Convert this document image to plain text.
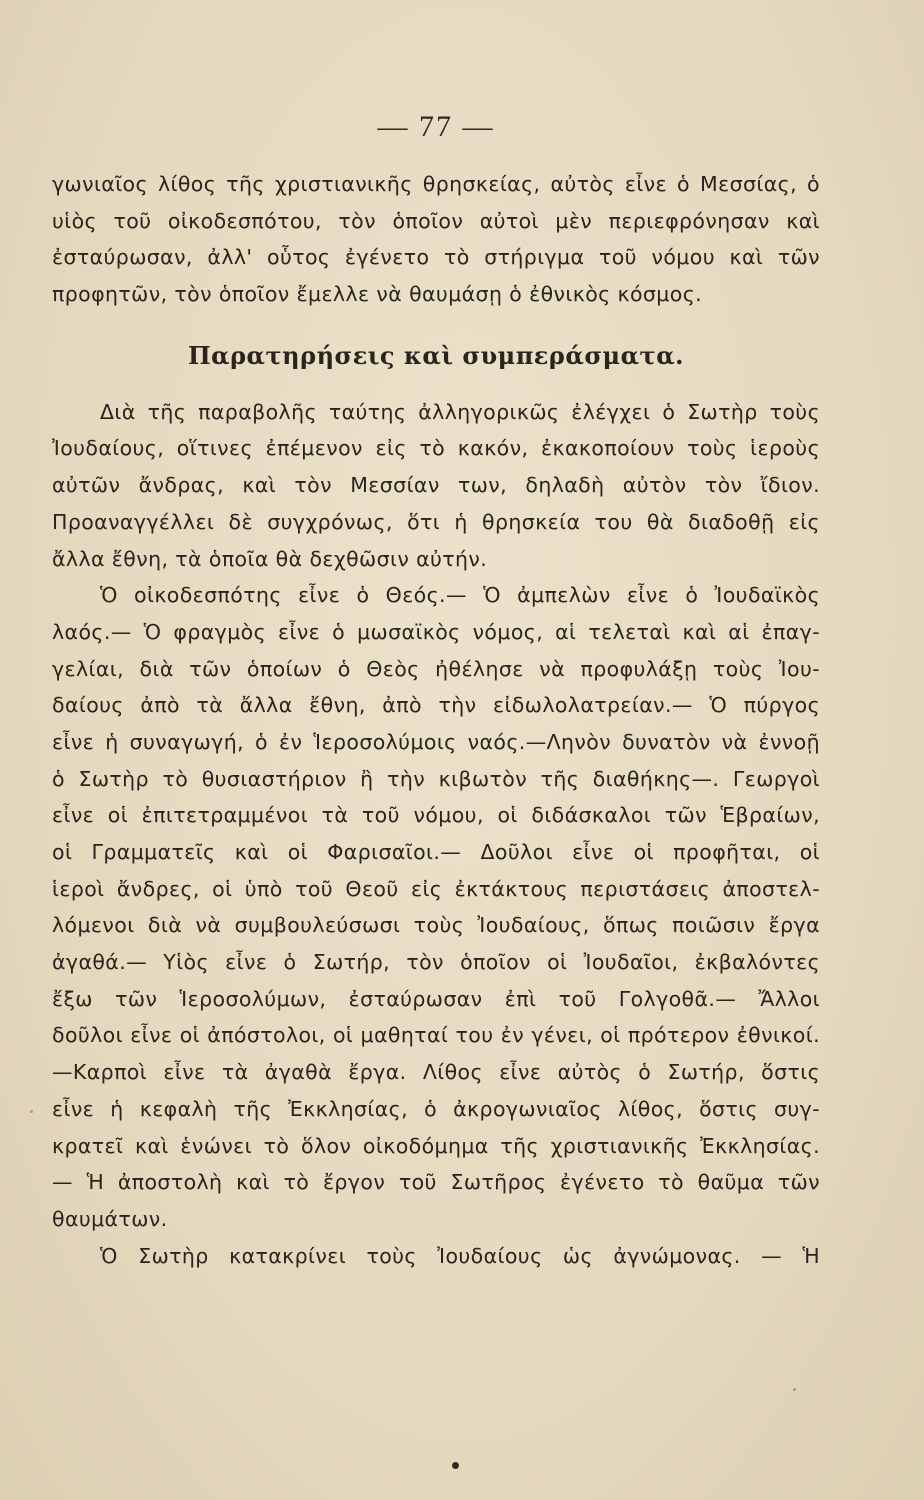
— 77 —
γωνιαῖος λίθος τῆς χριστιανικῆς θρησκείας, αὐτὸς εἶνε ὁ Μεσσίας, ὁ
υἱὸς τοῦ οἰκοδεσπότου, τὸν ὁποῖον αὐτοὶ μὲν περιεφρόνησαν καὶ
ἐσταύρωσαν, ἀλλ' οὗτος ἐγένετο τὸ στήριγμα τοῦ νόμου καὶ τῶν
προφητῶν, τὸν ὁποῖον ἔμελλε νὰ θαυμάσῃ ὁ ἐθνικὸς κόσμος.
Παρατηρήσεις καὶ συμπεράσματα.
Διὰ τῆς παραβολῆς ταύτης ἀλληγορικῶς ἐλέγχει ὁ Σωτὴρ τοὺς
Ἰουδαίους, οἵτινες ἐπέμενον εἰς τὸ κακόν, ἐκακοποίουν τοὺς ἱεροὺς
αὐτῶν ἄνδρας, καὶ τὸν Μεσσίαν των, δηλαδὴ αὐτὸν τὸν ἴδιον.
Προαναγγέλλει δὲ συγχρόνως, ὅτι ἡ θρησκεία του θὰ διαδοθῇ εἰς
ἄλλα ἔθνη, τὰ ὁποῖα θὰ δεχθῶσιν αὐτήν.
Ὁ οἰκοδεσπότης εἶνε ὁ Θεός.— Ὁ ἀμπελὼν εἶνε ὁ Ἰουδαϊκὸς
λαός.— Ὁ φραγμὸς εἶνε ὁ μωσαϊκὸς νόμος, αἱ τελεταὶ καὶ αἱ ἐπαγ-
γελίαι, διὰ τῶν ὁποίων ὁ Θεὸς ἠθέλησε νὰ προφυλάξῃ τοὺς Ἰου-
δαίους ἀπὸ τὰ ἄλλα ἔθνη, ἀπὸ τὴν εἰδωλολατρείαν.— Ὁ πύργος
εἶνε ἡ συναγωγή, ὁ ἐν Ἱεροσολύμοις ναός.—Ληνὸν δυνατὸν νὰ ἐννοῇ
ὁ Σωτὴρ τὸ θυσιαστήριον ἢ τὴν κιβωτὸν τῆς διαθήκης—. Γεωργοὶ
εἶνε οἱ ἐπιτετραμμένοι τὰ τοῦ νόμου, οἱ διδάσκαλοι τῶν Ἑβραίων,
οἱ Γραμματεῖς καὶ οἱ Φαρισαῖοι.— Δοῦλοι εἶνε οἱ προφῆται, οἱ
ἱεροὶ ἄνδρες, οἱ ὑπὸ τοῦ Θεοῦ εἰς ἐκτάκτους περιστάσεις ἀποστελ-
λόμενοι διὰ νὰ συμβουλεύσωσι τοὺς Ἰουδαίους, ὅπως ποιῶσιν ἔργα
ἀγαθά.— Υἱὸς εἶνε ὁ Σωτήρ, τὸν ὁποῖον οἱ Ἰουδαῖοι, ἐκβαλόντες
ἔξω τῶν Ἱεροσολύμων, ἐσταύρωσαν ἐπὶ τοῦ Γολγοθᾶ.— Ἄλλοι
δοῦλοι εἶνε οἱ ἀπόστολοι, οἱ μαθηταί του ἐν γένει, οἱ πρότερον ἐθνικοί.
—Καρποὶ εἶνε τὰ ἀγαθὰ ἔργα. Λίθος εἶνε αὐτὸς ὁ Σωτήρ, ὅστις
εἶνε ἡ κεφαλὴ τῆς Ἐκκλησίας, ὁ ἀκρογωνιαῖος λίθος, ὅστις συγ-
κρατεῖ καὶ ἑνώνει τὸ ὅλον οἰκοδόμημα τῆς χριστιανικῆς Ἐκκλησίας.
— Ἡ ἀποστολὴ καὶ τὸ ἔργον τοῦ Σωτῆρος ἐγένετο τὸ θαῦμα τῶν
θαυμάτων.
Ὁ Σωτὴρ κατακρίνει τοὺς Ἰουδαίους ὡς ἀγνώμονας. — Ἡ
